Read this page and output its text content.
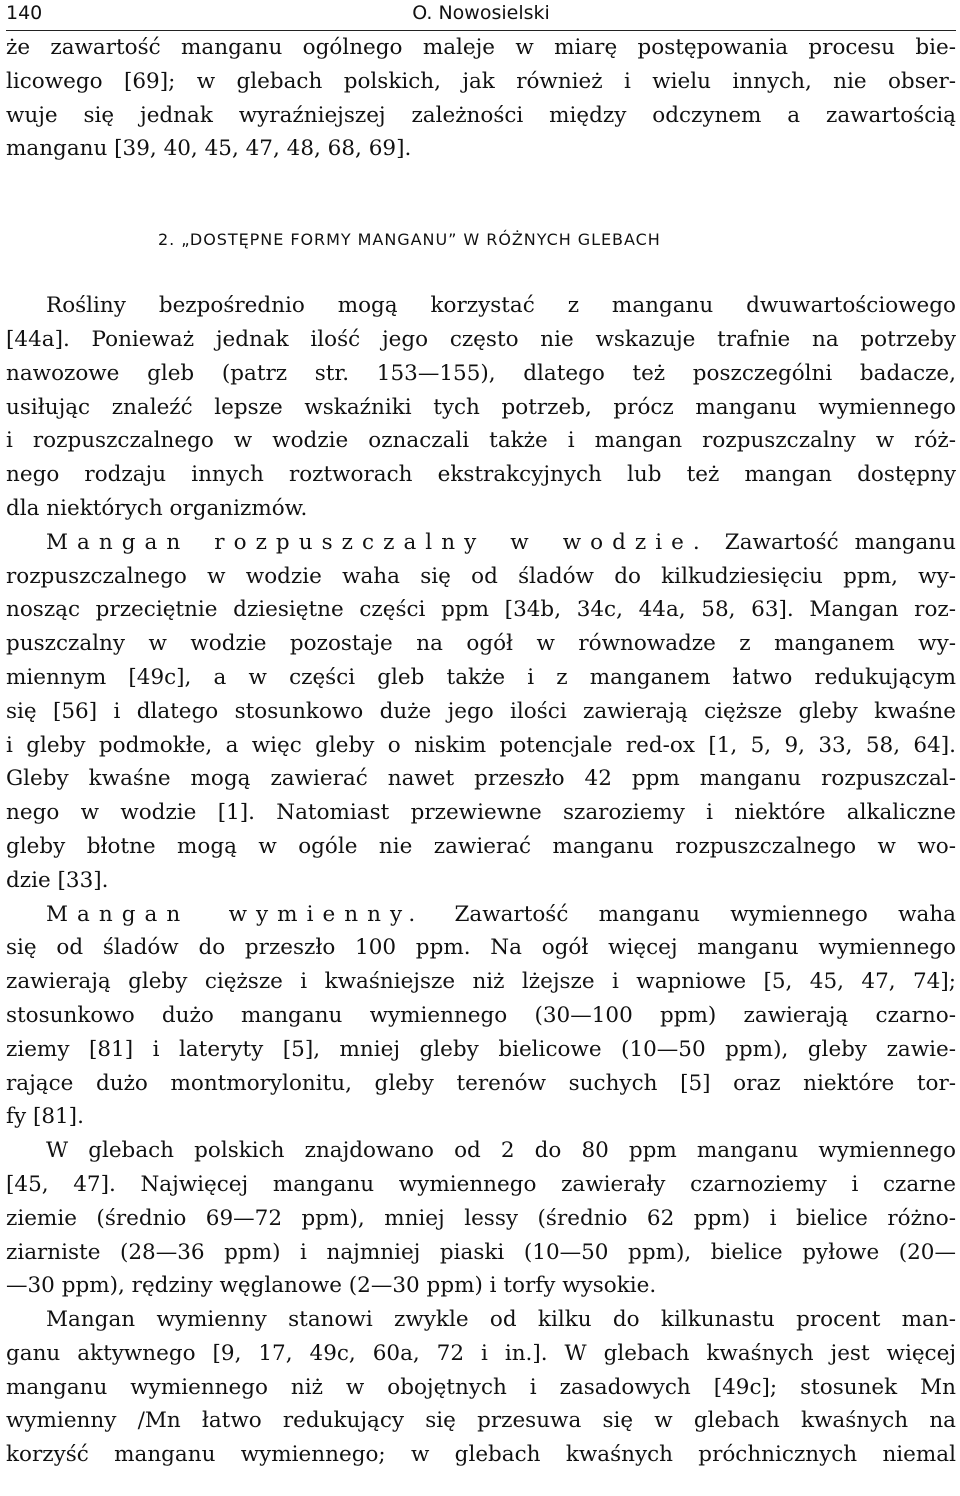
140	O. Nowosielski
że zawartość manganu ogólnego maleje w miarę postępowania procesu bie-
licowego [69]; w glebach polskich, jak również i wielu innych, nie obser-
wuje się jednak wyraźniejszej zależności między odczynem a zawartością
manganu [39, 40, 45, 47, 48, 68, 69].
2. „DOSTĘPNE FORMY MANGANU” W RÓŻNYCH GLEBACH
Rośliny bezpośrednio mogą korzystać z manganu dwuwartościowego
[44a]. Ponieważ jednak ilość jego często nie wskazuje trafnie na potrzeby
nawozowe gleb (patrz str. 153—155), dlatego też poszczególni badacze,
usiłując znaleźć lepsze wskaźniki tych potrzeb, prócz manganu wymiennego
i rozpuszczalnego w wodzie oznaczali także i mangan rozpuszczalny w róż-
nego rodzaju innych roztworach ekstrakcyjnych lub też mangan dostępny
dla niektórych organizmów.
Mangan rozpuszczalny w wodzie. Zawartość manganu
rozpuszczalnego w wodzie waha się od śladów do kilkudziesięciu ppm, wy-
nosząc przeciętnie dziesiętne części ppm [34b, 34c, 44a, 58, 63]. Mangan roz-
puszczalny w wodzie pozostaje na ogół w równowadze z manganem wy-
miennym [49c], a w części gleb także i z manganem łatwo redukującym
się [56] i dlatego stosunkowo duże jego ilości zawierają cięższe gleby kwaśne
i gleby podmokłe, a więc gleby o niskim potencjale red-ox [1, 5, 9, 33, 58, 64].
Gleby kwaśne mogą zawierać nawet przeszło 42 ppm manganu rozpuszczal-
nego w wodzie [1]. Natomiast przewiewne szaroziemy i niektóre alkaliczne
gleby błotne mogą w ogóle nie zawierać manganu rozpuszczalnego w wo-
dzie [33].
Mangan wymienny. Zawartość manganu wymiennego waha
się od śladów do przeszło 100 ppm. Na ogół więcej manganu wymiennego
zawierają gleby cięższe i kwaśniejsze niż lżejsze i wapniowe [5, 45, 47, 74];
stosunkowo dużo manganu wymiennego (30—100 ppm) zawierają czarno-
ziemy [81] i lateryty [5], mniej gleby bielicowe (10—50 ppm), gleby zawie-
rające dużo montmorylonitu, gleby terenów suchych [5] oraz niektóre tor-
fy [81].
W glebach polskich znajdowano od 2 do 80 ppm manganu wymiennego
[45, 47]. Najwięcej manganu wymiennego zawierały czarnoziemy i czarne
ziemie (średnio 69—72 ppm), mniej lessy (średnio 62 ppm) i bielice różno-
ziarniste (28—36 ppm) i najmniej piaski (10—50 ppm), bielice pyłowe (20—
—30 ppm), rędziny węglanowe (2—30 ppm) i torfy wysokie.
Mangan wymienny stanowi zwykle od kilku do kilkunastu procent man-
ganu aktywnego [9, 17, 49c, 60a, 72 i in.]. W glebach kwaśnych jest więcej
manganu wymiennego niż w obojętnych i zasadowych [49c]; stosunek Mn
wymienny /Mn łatwo redukujący się przesuwa się w glebach kwaśnych na
korzyść manganu wymiennego; w glebach kwaśnych próchnicznych niemal
